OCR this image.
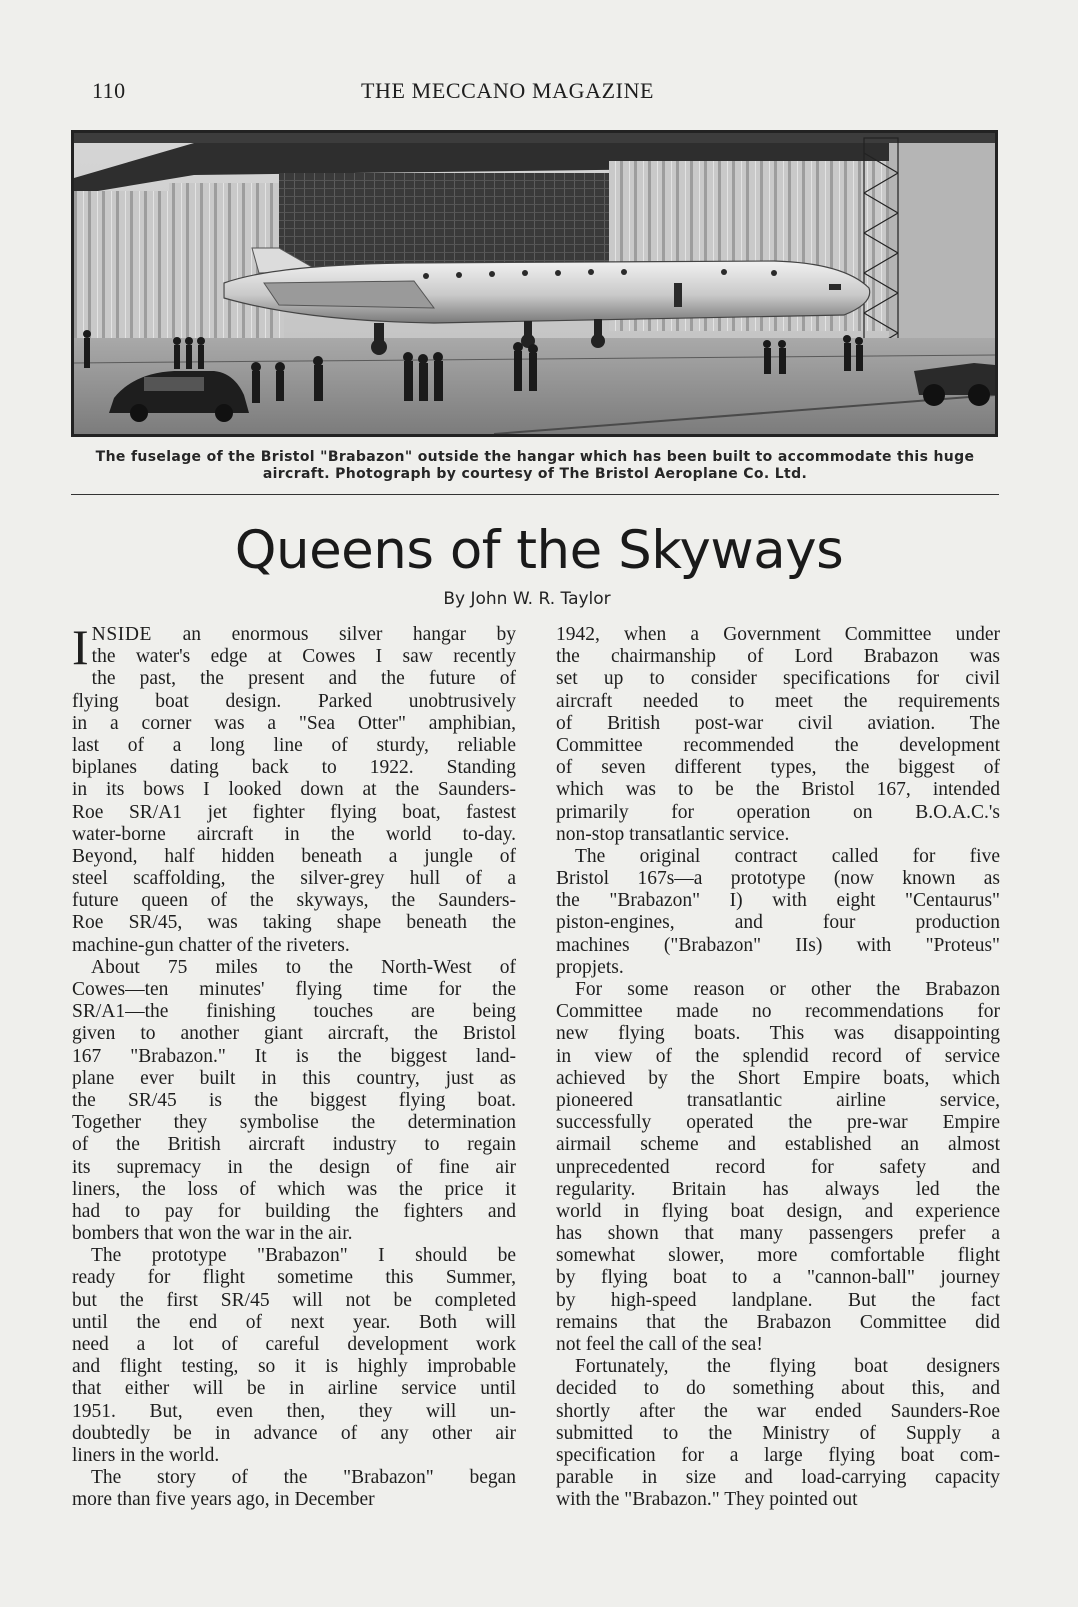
110	THE MECCANO MAGAZINE
The fuselage of the Bristol "Brabazon" outside the hangar which has been built to accommodate this huge
aircraft. Photograph by courtesy of The Bristol Aeroplane Co. Ltd.
Queens of the Skyways
By John W. R. Taylor
I NSIDE an enormous silver hangar by
the water's edge at Cowes I saw recently
the past, the present and the future of
flying boat design. Parked unobtrusively
in a corner was a "Sea Otter" amphibian,
last of a long line of sturdy, reliable
biplanes dating back to 1922. Standing
in its bows I looked down at the Saunders-
Roe SR/A1 jet fighter flying boat, fastest
water-borne aircraft in the world to-day.
Beyond, half hidden beneath a jungle of
steel scaffolding, the silver-grey hull of a
future queen of the skyways, the Saunders-
Roe SR/45, was taking shape beneath the
machine-gun chatter of the riveters.
About 75 miles to the North-West of
Cowes—ten minutes' flying time for the
SR/A1—the finishing touches are being
given to another giant aircraft, the Bristol
167 "Brabazon." It is the biggest land-
plane ever built in this country, just as
the SR/45 is the biggest flying boat.
Together they symbolise the determination
of the British aircraft industry to regain
its supremacy in the design of fine air
liners, the loss of which was the price it
had to pay for building the fighters and
bombers that won the war in the air.
The prototype "Brabazon" I should be
ready for flight sometime this Summer,
but the first SR/45 will not be completed
until the end of next year. Both will
need a lot of careful development work
and flight testing, so it is highly improbable
that either will be in airline service until
1951. But, even then, they will un-
doubtedly be in advance of any other air
liners in the world.
The story of the "Brabazon" began
more than five years ago, in December
1942, when a Government Committee under
the chairmanship of Lord Brabazon was
set up to consider specifications for civil
aircraft needed to meet the requirements
of British post-war civil aviation. The
Committee recommended the development
of seven different types, the biggest of
which was to be the Bristol 167, intended
primarily for operation on B.O.A.C.'s
non-stop transatlantic service.
The original contract called for five
Bristol 167s—a prototype (now known as
the "Brabazon" I) with eight "Centaurus"
piston-engines, and four production
machines ("Brabazon" IIs) with "Proteus"
propjets.
For some reason or other the Brabazon
Committee made no recommendations for
new flying boats. This was disappointing
in view of the splendid record of service
achieved by the Short Empire boats, which
pioneered transatlantic airline service,
successfully operated the pre-war Empire
airmail scheme and established an almost
unprecedented record for safety and
regularity. Britain has always led the
world in flying boat design, and experience
has shown that many passengers prefer a
somewhat slower, more comfortable flight
by flying boat to a "cannon-ball" journey
by high-speed landplane. But the fact
remains that the Brabazon Committee did
not feel the call of the sea!
Fortunately, the flying boat designers
decided to do something about this, and
shortly after the war ended Saunders-Roe
submitted to the Ministry of Supply a
specification for a large flying boat com-
parable in size and load-carrying capacity
with the "Brabazon." They pointed out
